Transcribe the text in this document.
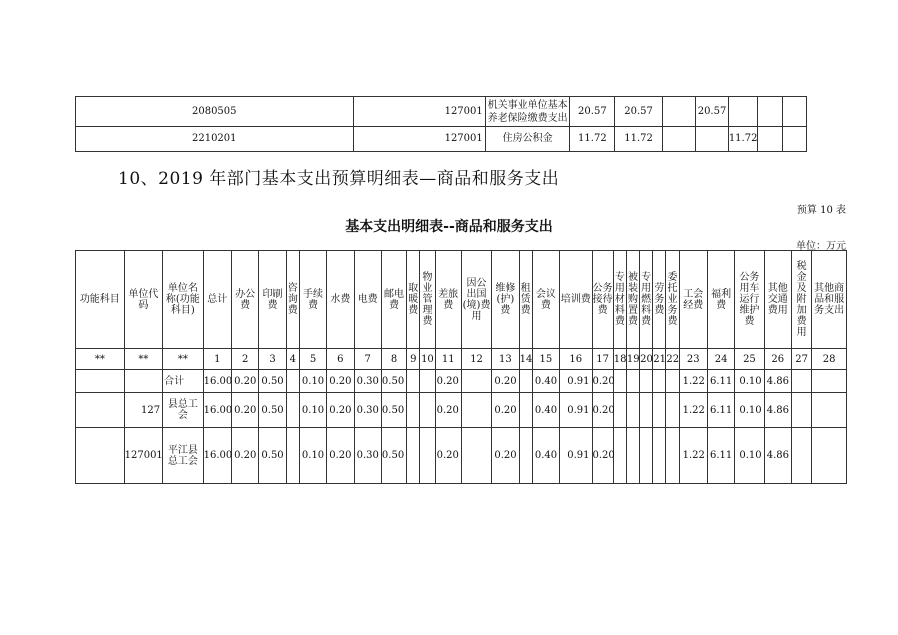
2080505	127001	机关事业单位基本养老保险缴费支出	20.57	20.57		20.57			
2210201	127001	住房公积金	11.72	11.72			11.72		
10、2019 年部门基本支出预算明细表—商品和服务支出
预算 10 表
基本支出明细表--商品和服务支出
单位：万元
功能科目	单位代码	单位名称(功能科目)	总计	办公费	印刷费	咨询费	手续费	水费	电费	邮电费	取暖费	物业管理费	差旅费	因公出国(境)费用	维修(护)费	租赁费	会议费	培训费	公务接待费	专用材料费	被装购置费	专用燃料费	劳务费	委托业务费	工会经费	福利费	公务用车运行维护费	其他交通费用	税金及附加费用	其他商品和服务支出
**	**	**	1	2	3	4	5	6	7	8	9	10	11	12	13	14	15	16	17	18	19	20	21	22	23	24	25	26	27	28
		合计	16.00	0.20	0.50		0.10	0.20	0.30	0.50			0.20		0.20		0.40	0.91	0.20						1.22	6.11	0.10	4.86		
	127	县总工会	16.00	0.20	0.50		0.10	0.20	0.30	0.50			0.20		0.20		0.40	0.91	0.20						1.22	6.11	0.10	4.86		
	127001	平江县总工会	16.00	0.20	0.50		0.10	0.20	0.30	0.50			0.20		0.20		0.40	0.91	0.20						1.22	6.11	0.10	4.86		
